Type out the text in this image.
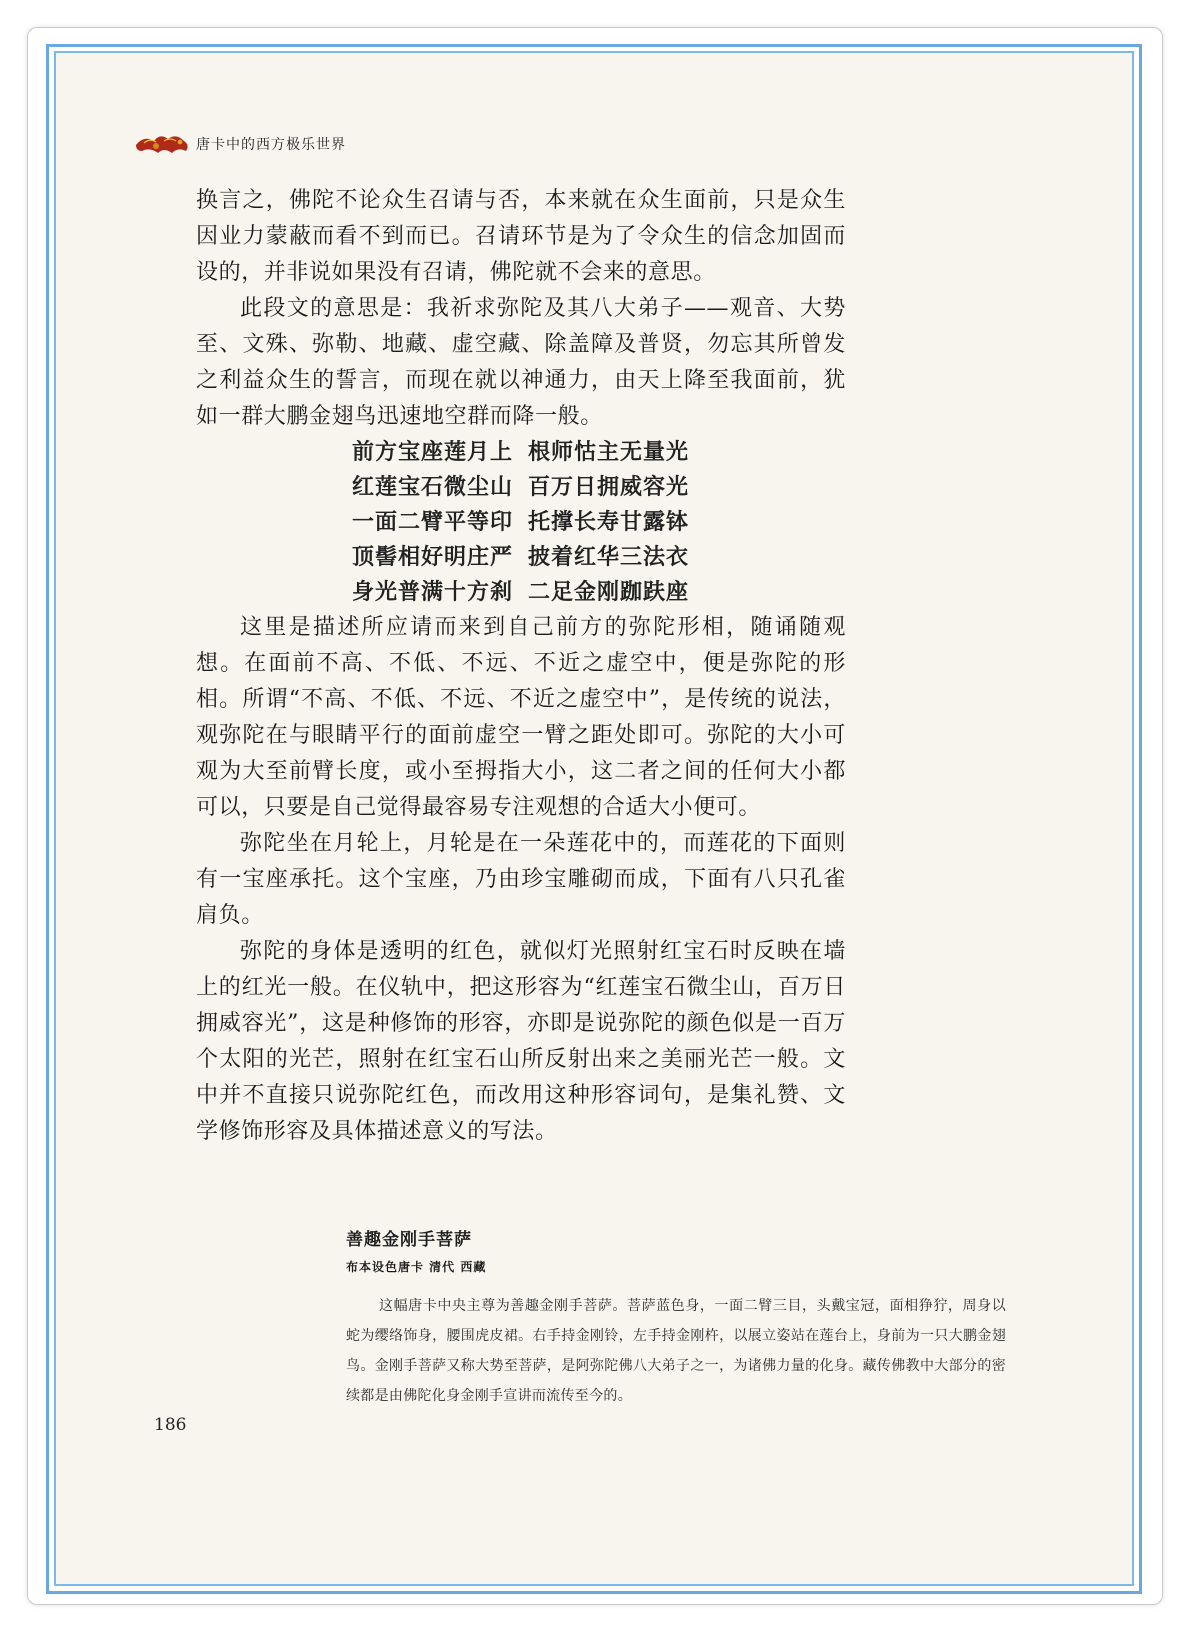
唐卡中的西方极乐世界

换言之，佛陀不论众生召请与否，本来就在众生面前，只是众生因业力蒙蔽而看不到而已。召请环节是为了令众生的信念加固而设的，并非说如果没有召请，佛陀就不会来的意思。

此段文的意思是：我祈求弥陀及其八大弟子——观音、大势至、文殊、弥勒、地藏、虚空藏、除盖障及普贤，勿忘其所曾发之利益众生的誓言，而现在就以神通力，由天上降至我面前，犹如一群大鹏金翅鸟迅速地空群而降一般。

前方宝座莲月上 根师怙主无量光
红莲宝石微尘山 百万日拥威容光
一面二臂平等印 托撑长寿甘露钵
顶髻相好明庄严 披着红华三法衣
身光普满十方刹 二足金刚跏趺座

这里是描述所应请而来到自己前方的弥陀形相，随诵随观想。在面前不高、不低、不远、不近之虚空中，便是弥陀的形相。所谓“不高、不低、不远、不近之虚空中”，是传统的说法，观弥陀在与眼睛平行的面前虚空一臂之距处即可。弥陀的大小可观为大至前臂长度，或小至拇指大小，这二者之间的任何大小都可以，只要是自己觉得最容易专注观想的合适大小便可。

弥陀坐在月轮上，月轮是在一朵莲花中的，而莲花的下面则有一宝座承托。这个宝座，乃由珍宝雕砌而成，下面有八只孔雀肩负。

弥陀的身体是透明的红色，就似灯光照射红宝石时反映在墙上的红光一般。在仪轨中，把这形容为“红莲宝石微尘山，百万日拥威容光”，这是种修饰的形容，亦即是说弥陀的颜色似是一百万个太阳的光芒，照射在红宝石山所反射出来之美丽光芒一般。文中并不直接只说弥陀红色，而改用这种形容词句，是集礼赞、文学修饰形容及具体描述意义的写法。

善趣金刚手菩萨
布本设色唐卡 清代 西藏
这幅唐卡中央主尊为善趣金刚手菩萨。菩萨蓝色身，一面二臂三目，头戴宝冠，面相狰狞，周身以蛇为缨络饰身，腰围虎皮裙。右手持金刚铃，左手持金刚杵，以展立姿站在莲台上，身前为一只大鹏金翅鸟。金刚手菩萨又称大势至菩萨，是阿弥陀佛八大弟子之一，为诸佛力量的化身。藏传佛教中大部分的密续都是由佛陀化身金刚手宣讲而流传至今的。
186
